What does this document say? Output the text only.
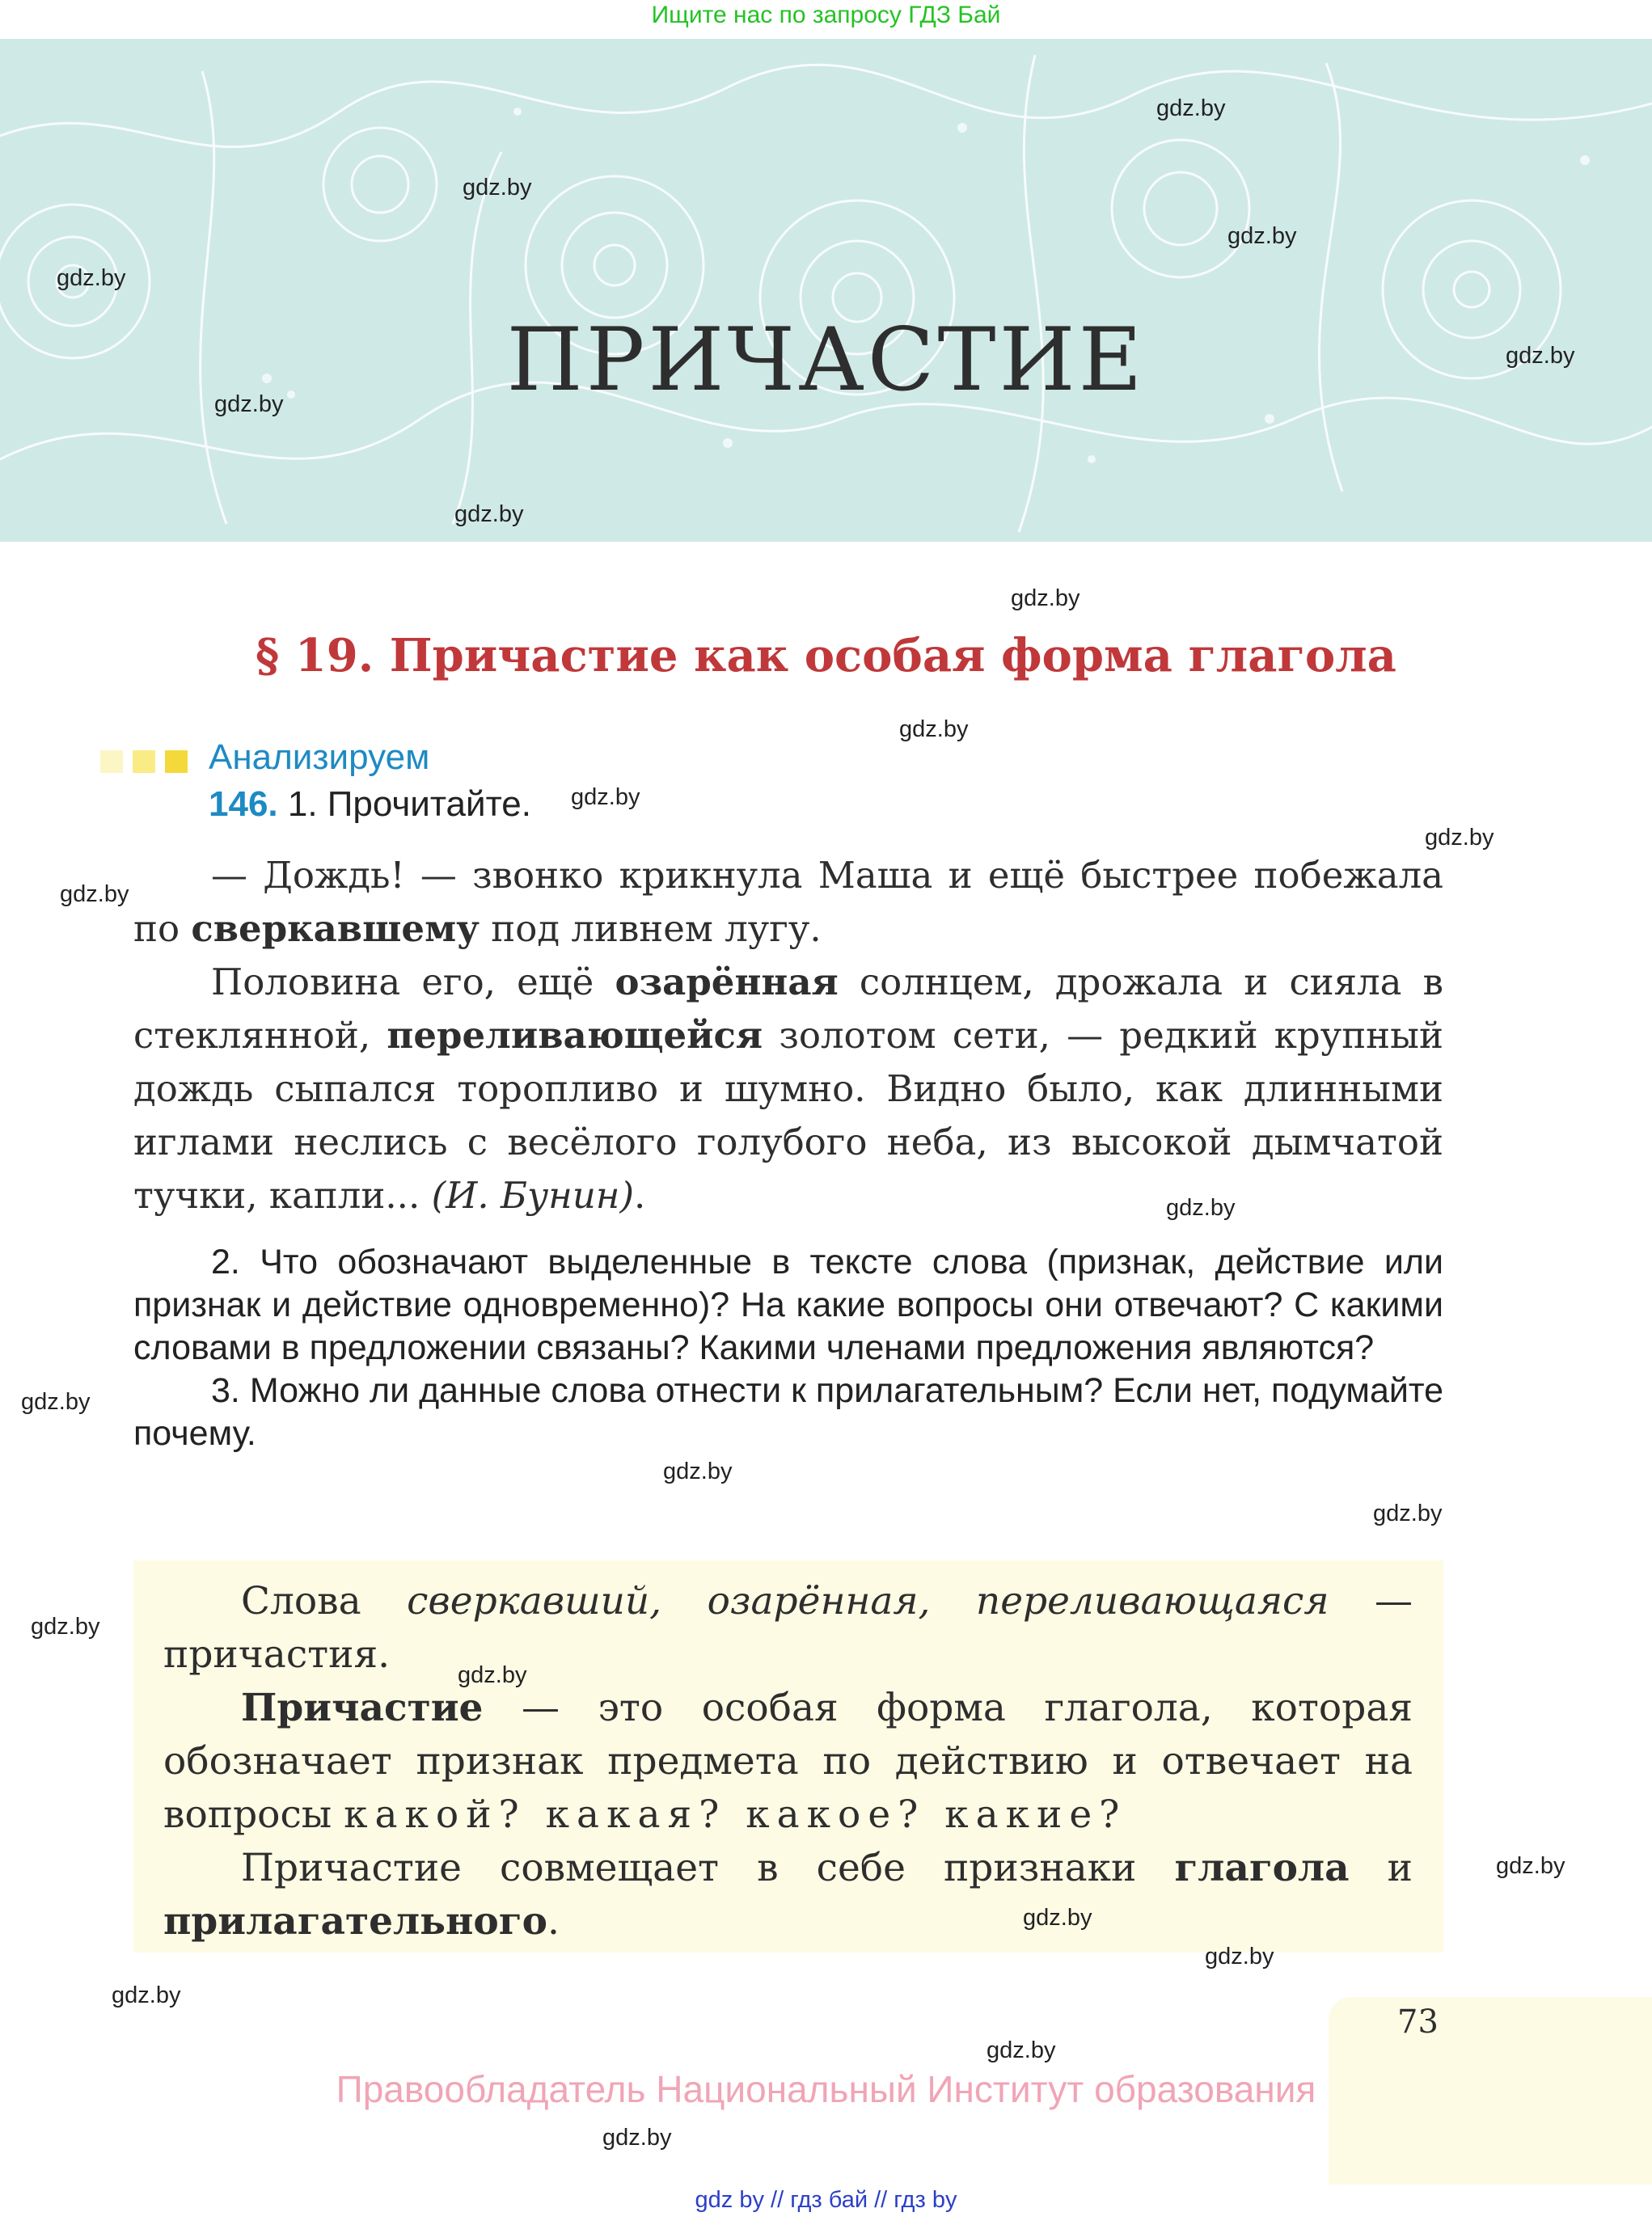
Ищите нас по запросу ГДЗ Бай
ПРИЧАСТИЕ
§ 19. Причастие как особая форма глагола
Анализируем
146. 1. Прочитайте.

— Дождь! — звонко крикнула Маша и ещё быстрее побежала по сверкавшему под ливнем лугу.

Половина его, ещё озарённая солнцем, дрожала и сияла в стеклянной, переливающейся золотом сети, — редкий крупный дождь сыпался торопливо и шумно. Видно было, как длинными иглами неслись с весёлого голубого неба, из высокой дымчатой тучки, капли... (И. Бунин).

2. Что обозначают выделенные в тексте слова (признак, действие или признак и действие одновременно)? На какие вопросы они отвечают? С какими словами в предложении связаны? Какими членами предложения являются?

3. Можно ли данные слова отнести к прилагательным? Если нет, подумайте почему.

Слова сверкавший, озарённая, переливающаяся — причастия.

Причастие — это особая форма глагола, которая обозначает признак предмета по действию и отвечает на вопросы какой? какая? какое? какие?

Причастие совмещает в себе признаки глагола и прилагательного.

73
Правообладатель Национальный Институт образования
gdz by // гдз бай // гдз by
gdz.by
gdz.by
gdz.by
gdz.by
gdz.by
gdz.by
gdz.by
gdz.by
gdz.by
gdz.by
gdz.by
gdz.by
gdz.by
gdz.by
gdz.by
gdz.by
gdz.by
gdz.by
gdz.by
gdz.by
gdz.by
gdz.by
gdz.by
gdz.by
